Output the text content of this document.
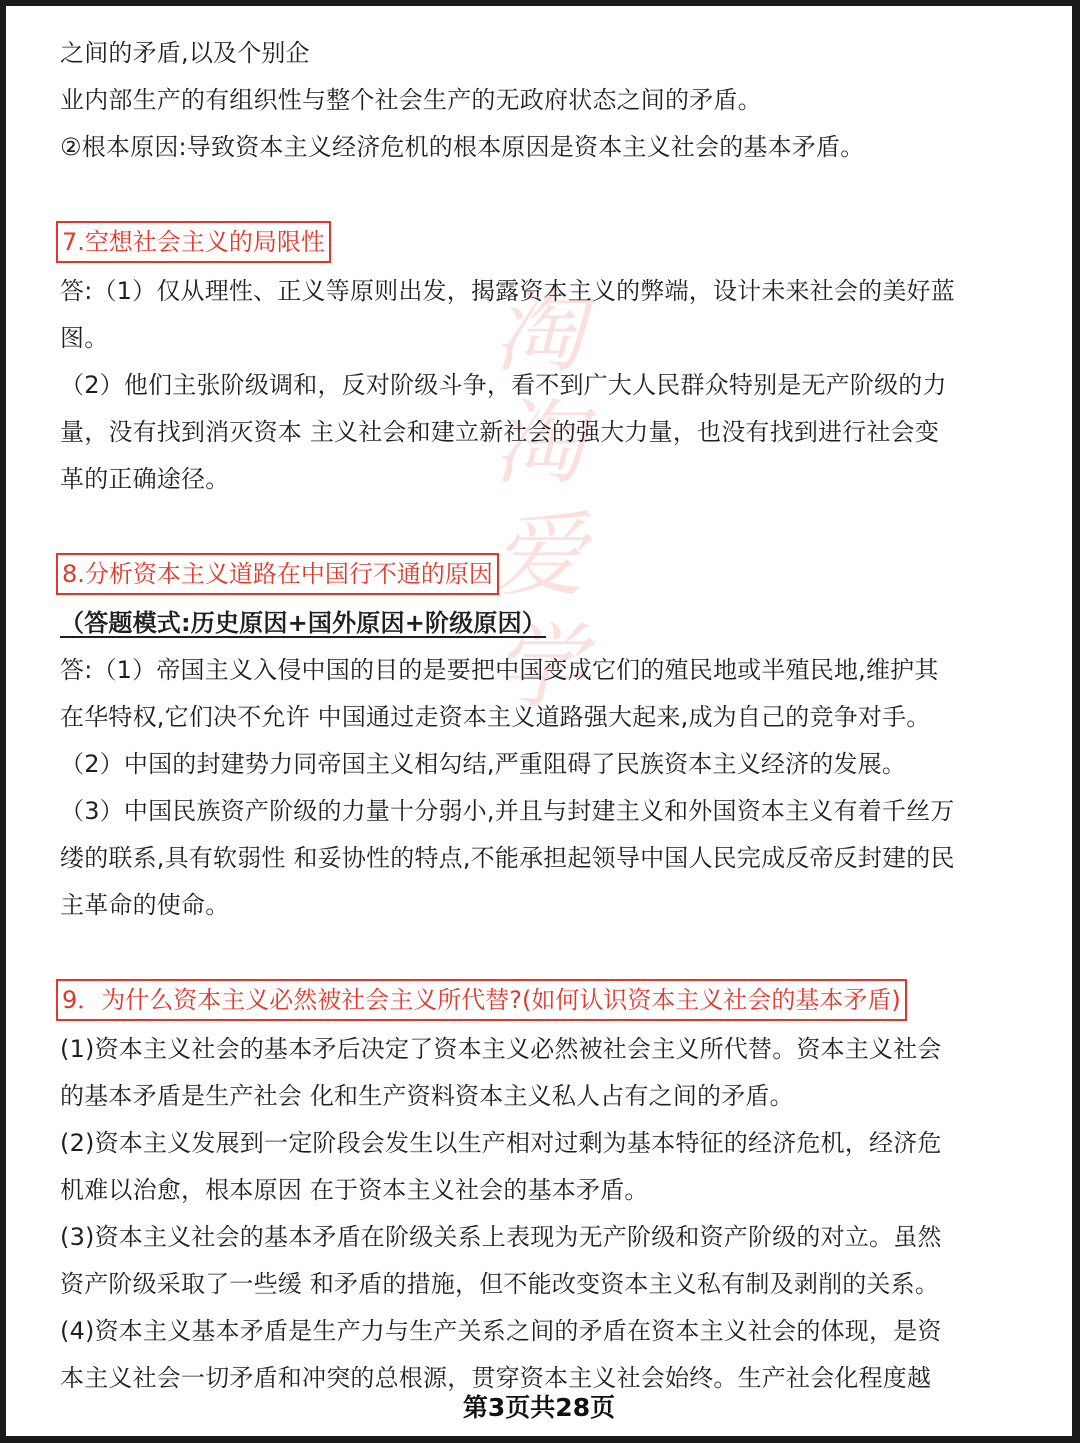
淘淘爱学
之间的矛盾,以及个别企
业内部生产的有组织性与整个社会生产的无政府状态之间的矛盾。
②根本原因:导致资本主义经济危机的根本原因是资本主义社会的基本矛盾。
7.空想社会主义的局限性
答:（1）仅从理性、正义等原则出发，揭露资本主义的弊端，设计未来社会的美好蓝
图。
（2）他们主张阶级调和，反对阶级斗争，看不到广大人民群众特别是无产阶级的力
量，没有找到消灭资本 主义社会和建立新社会的强大力量，也没有找到进行社会变
革的正确途径。
8.分析资本主义道路在中国行不通的原因
（答题模式:历史原因+国外原因+阶级原因）
答:（1）帝国主义入侵中国的目的是要把中国变成它们的殖民地或半殖民地,维护其
在华特权,它们决不允许 中国通过走资本主义道路强大起来,成为自己的竞争对手。
（2）中国的封建势力同帝国主义相勾结,严重阻碍了民族资本主义经济的发展。
（3）中国民族资产阶级的力量十分弱小,并且与封建主义和外国资本主义有着千丝万
缕的联系,具有软弱性 和妥协性的特点,不能承担起领导中国人民完成反帝反封建的民
主革命的使命。
9．为什么资本主义必然被社会主义所代替?(如何认识资本主义社会的基本矛盾)
(1)资本主义社会的基本矛后决定了资本主义必然被社会主义所代替。资本主义社会
的基本矛盾是生产社会 化和生产资料资本主义私人占有之间的矛盾。
(2)资本主义发展到一定阶段会发生以生产相对过剩为基本特征的经济危机，经济危
机难以治愈，根本原因 在于资本主义社会的基本矛盾。
(3)资本主义社会的基本矛盾在阶级关系上表现为无产阶级和资产阶级的对立。虽然
资产阶级采取了一些缓 和矛盾的措施，但不能改变资本主义私有制及剥削的关系。
(4)资本主义基本矛盾是生产力与生产关系之间的矛盾在资本主义社会的体现，是资
本主义社会一切矛盾和冲突的总根源，贯穿资本主义社会始终。生产社会化程度越
第3页共28页
